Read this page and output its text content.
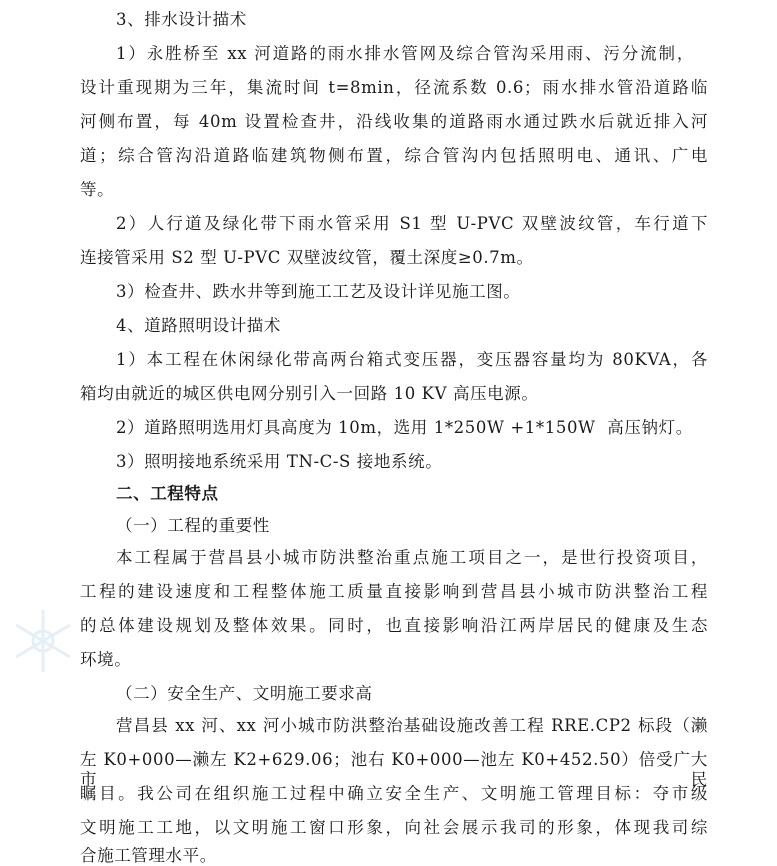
3、排水设计描术
1）永胜桥至 xx 河道路的雨水排水管网及综合管沟采用雨、污分流制，
设计重现期为三年，集流时间 t=8min，径流系数 0.6；雨水排水管沿道路临
河侧布置，每 40m 设置检查井，沿线收集的道路雨水通过跌水后就近排入河
道；综合管沟沿道路临建筑物侧布置，综合管沟内包括照明电、通讯、广电
等。
2）人行道及绿化带下雨水管采用 S1 型 U-PVC 双壁波纹管，车行道下
连接管采用 S2 型 U-PVC 双壁波纹管，覆土深度≥0.7m。
3）检查井、跌水井等到施工工艺及设计详见施工图。
4、道路照明设计描术
1）本工程在休闲绿化带高两台箱式变压器，变压器容量均为 80KVA，各
箱均由就近的城区供电网分别引入一回路 10 KV 高压电源。
2）道路照明选用灯具高度为 10m，选用 1*250W +1*150W  高压钠灯。
3）照明接地系统采用 TN-C-S 接地系统。
二、工程特点
（一）工程的重要性
本工程属于营昌县小城市防洪整治重点施工项目之一，是世行投资项目，
工程的建设速度和工程整体施工质量直接影响到营昌县小城市防洪整治工程
的总体建设规划及整体效果。同时，也直接影响沿江两岸居民的健康及生态
环境。
（二）安全生产、文明施工要求高
营昌县 xx 河、xx 河小城市防洪整治基础设施改善工程 RRE.CP2 标段（濑
左 K0+000—濑左 K2+629.06；池右 K0+000—池左 K0+452.50）倍受广大市民
瞩目。我公司在组织施工过程中确立安全生产、文明施工管理目标：夺市级
文明施工工地，以文明施工窗口形象，向社会展示我司的形象，体现我司综
合施工管理水平。
